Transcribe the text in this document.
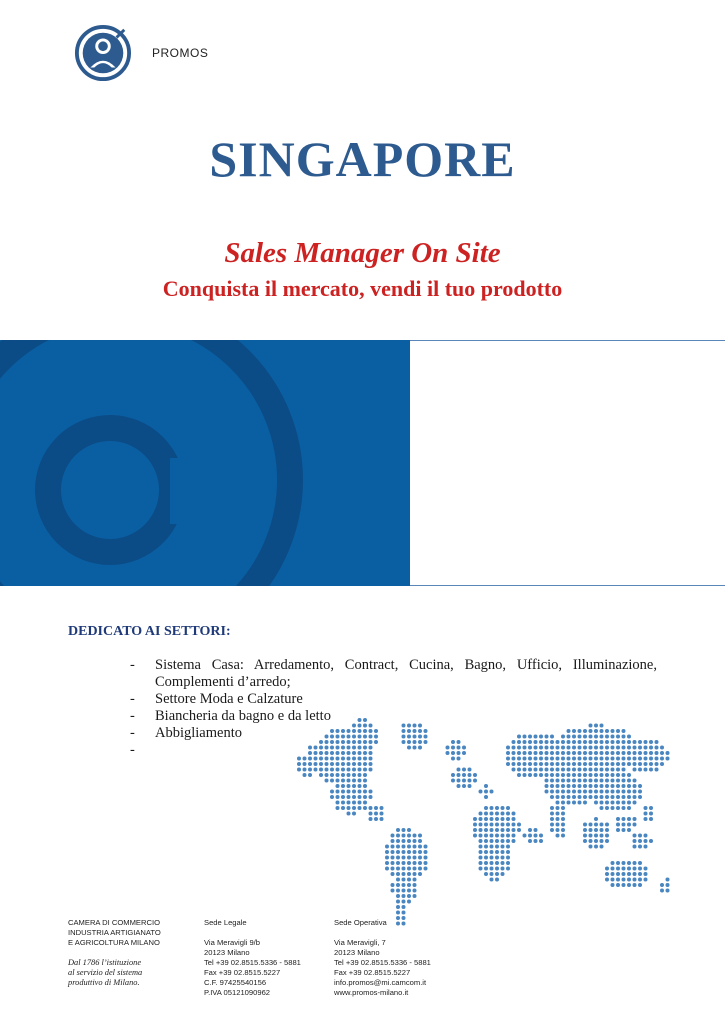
PROMOS
SINGAPORE
Sales Manager On Site
Conquista il mercato, vendi il tuo prodotto
DEDICATO AI SETTORI:
- Sistema Casa: Arredamento, Contract, Cucina, Bagno, Ufficio, Illuminazione, Complementi d’arredo;
- Settore Moda e Calzature
- Biancheria da bagno e da letto
- Abbigliamento
-
CAMERA DI COMMERCIO
INDUSTRIA ARTIGIANATO
E AGRICOLTURA MILANO
Dal 1786 l’istituzione
al servizio del sistema
produttivo di Milano.
Sede Legale
Via Meravigli 9/b
20123 Milano
Tel +39 02.8515.5336 - 5881
Fax +39 02.8515.5227
C.F. 97425540156
P.IVA 05121090962
Sede Operativa
Via Meravigli, 7
20123 Milano
Tel +39 02.8515.5336 - 5881
Fax +39 02.8515.5227
info.promos@mi.camcom.it
www.promos-milano.it
